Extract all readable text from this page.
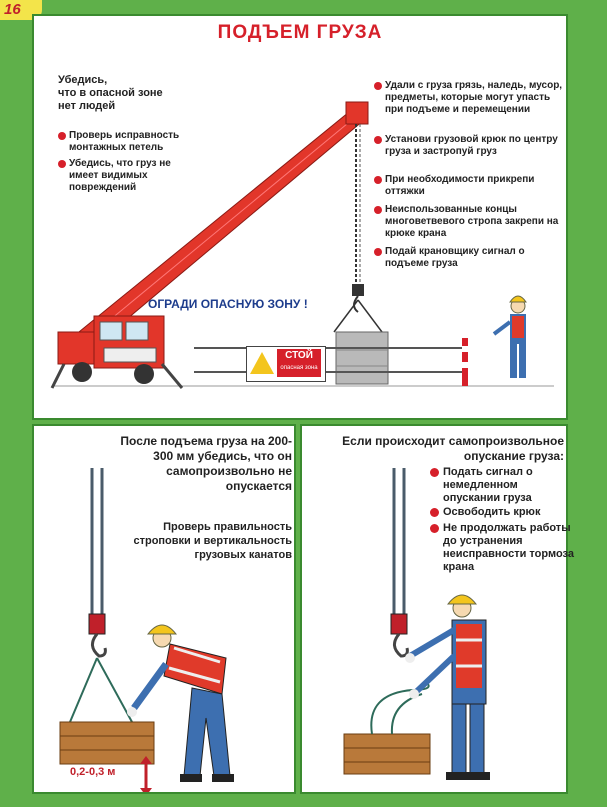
16
ПОДЪЕМ ГРУЗА
Убедись,
что в опасной зоне
нет людей
Проверь исправность монтажных петель
Убедись, что груз не имеет видимых повреждений
Удали с груза грязь, наледь, мусор, предметы, которые могут упасть при подъеме и перемещении
Установи грузовой крюк по центру груза и застропуй груз
При необходимости прикрепи оттяжки
Неиспользованные концы многоветвевого стропа закрепи на крюке крана
Подай крановщику сигнал о подъеме груза
ОГРАДИ ОПАСНУЮ ЗОНУ !
СТОЙ
опасная зона
После подъема груза на 200-300 мм убедись, что он самопроизвольно не опускается
Проверь правильность строповки и вертикальность грузовых канатов
0,2-0,3 м
Если происходит самопроизвольное опускание груза:
Подать сигнал о немедленном опускании груза
Освободить крюк
Не продолжать работы до устранения неисправности тормоза крана
